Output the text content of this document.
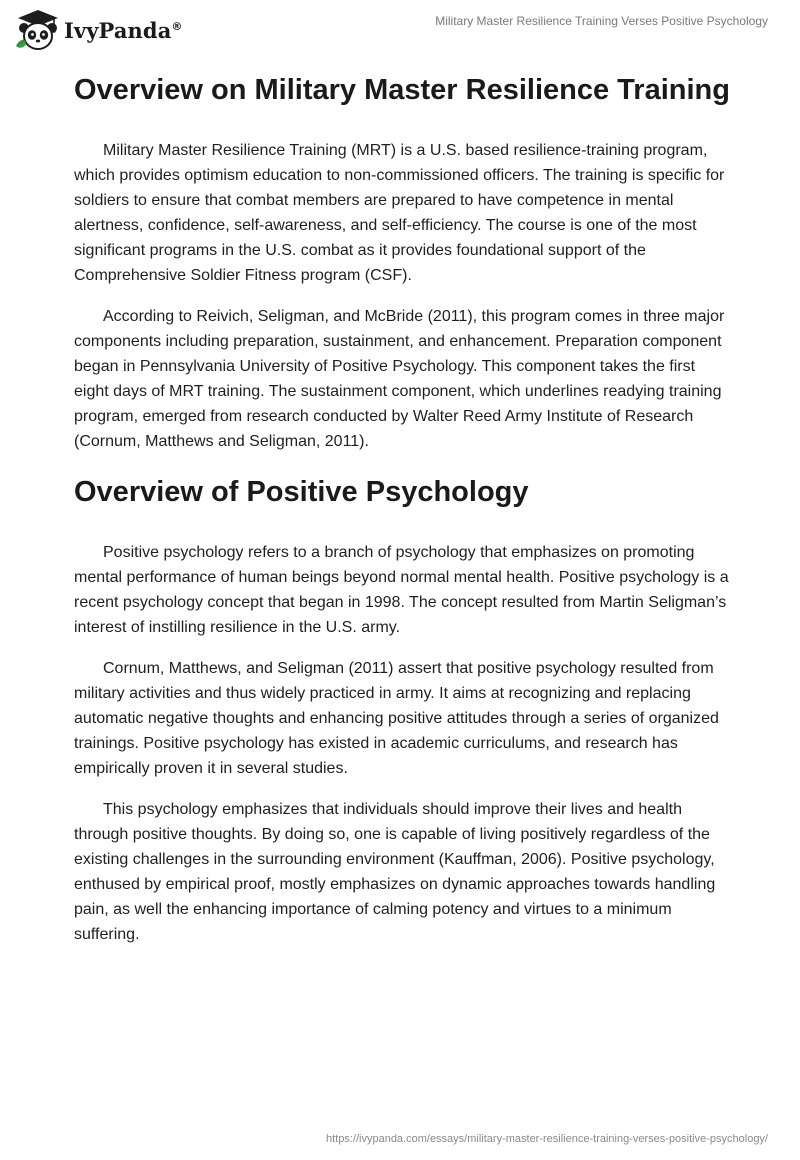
IvyPanda®	Military Master Resilience Training Verses Positive Psychology
Overview on Military Master Resilience Training

Military Master Resilience Training (MRT) is a U.S. based resilience-training program, which provides optimism education to non-commissioned officers. The training is specific for soldiers to ensure that combat members are prepared to have competence in mental alertness, confidence, self-awareness, and self-efficiency. The course is one of the most significant programs in the U.S. combat as it provides foundational support of the Comprehensive Soldier Fitness program (CSF).

According to Reivich, Seligman, and McBride (2011), this program comes in three major components including preparation, sustainment, and enhancement. Preparation component began in Pennsylvania University of Positive Psychology. This component takes the first eight days of MRT training. The sustainment component, which underlines readying training program, emerged from research conducted by Walter Reed Army Institute of Research (Cornum, Matthews and Seligman, 2011).

Overview of Positive Psychology

Positive psychology refers to a branch of psychology that emphasizes on promoting mental performance of human beings beyond normal mental health. Positive psychology is a recent psychology concept that began in 1998. The concept resulted from Martin Seligman’s interest of instilling resilience in the U.S. army.

Cornum, Matthews, and Seligman (2011) assert that positive psychology resulted from military activities and thus widely practiced in army. It aims at recognizing and replacing automatic negative thoughts and enhancing positive attitudes through a series of organized trainings. Positive psychology has existed in academic curriculums, and research has empirically proven it in several studies.

This psychology emphasizes that individuals should improve their lives and health through positive thoughts. By doing so, one is capable of living positively regardless of the existing challenges in the surrounding environment (Kauffman, 2006). Positive psychology, enthused by empirical proof, mostly emphasizes on dynamic approaches towards handling pain, as well the enhancing importance of calming potency and virtues to a minimum suffering.

https://ivypanda.com/essays/military-master-resilience-training-verses-positive-psychology/
